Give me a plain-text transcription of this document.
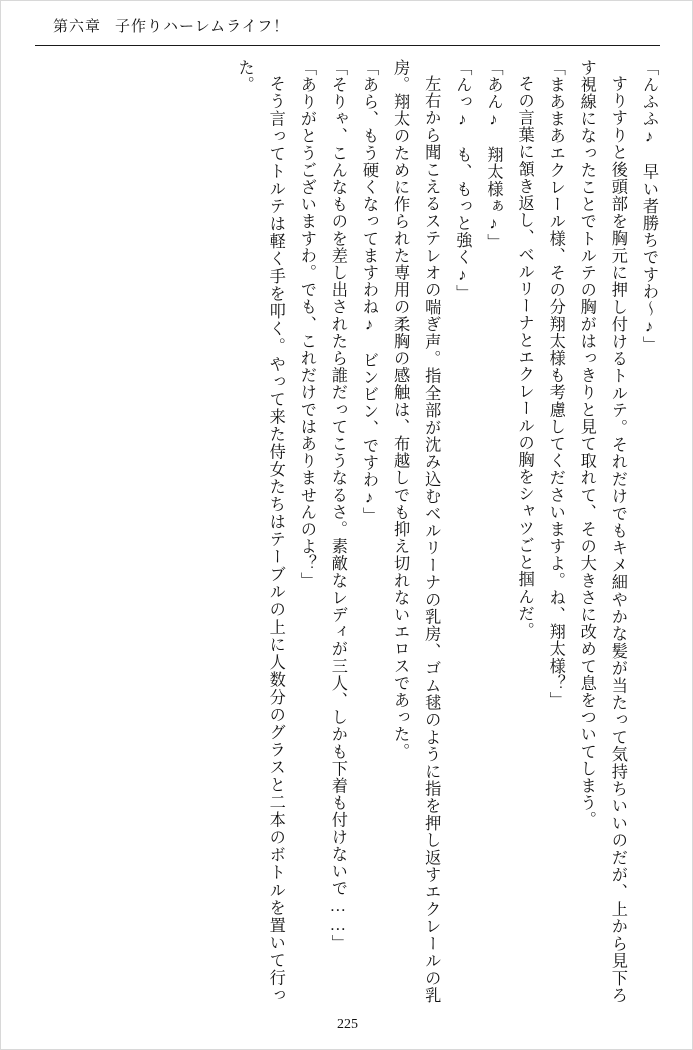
第六章 子作りハーレムライフ！

「んふふ♪　早い者勝ちですわ～♪」

すりすりと後頭部を胸元に押し付けるトルテ。それだけでもキメ細やかな髪が当たって気持ちいいのだが、上から見下ろす視線になったことでトルテの胸がはっきりと見て取れて、その大きさに改めて息をついてしまう。

「まあまあエクレール様、その分翔太様も考慮してくださいますよ。ね、翔太様？」

その言葉に頷き返し、ベルリーナとエクレールの胸をシャツごと掴んだ。

「あん♪　翔太様ぁ♪」

「んっ♪　も、もっと強く♪」

左右から聞こえるステレオの喘ぎ声。指全部が沈み込むベルリーナの乳房、ゴム毬のように指を押し返すエクレールの乳房。翔太のために作られた専用の柔胸の感触は、布越しでも抑え切れないエロスであった。

「あら、もう硬くなってますわね♪　ビンビン、ですわ♪」

「そりゃ、こんなものを差し出されたら誰だってこうなるさ。素敵なレディが三人、しかも下着も付けないで……」

「ありがとうございますわ。でも、これだけではありませんのよ？」

そう言ってトルテは軽く手を叩く。やって来た侍女たちはテーブルの上に人数分のグラスと二本のボトルを置いて行った。

225
